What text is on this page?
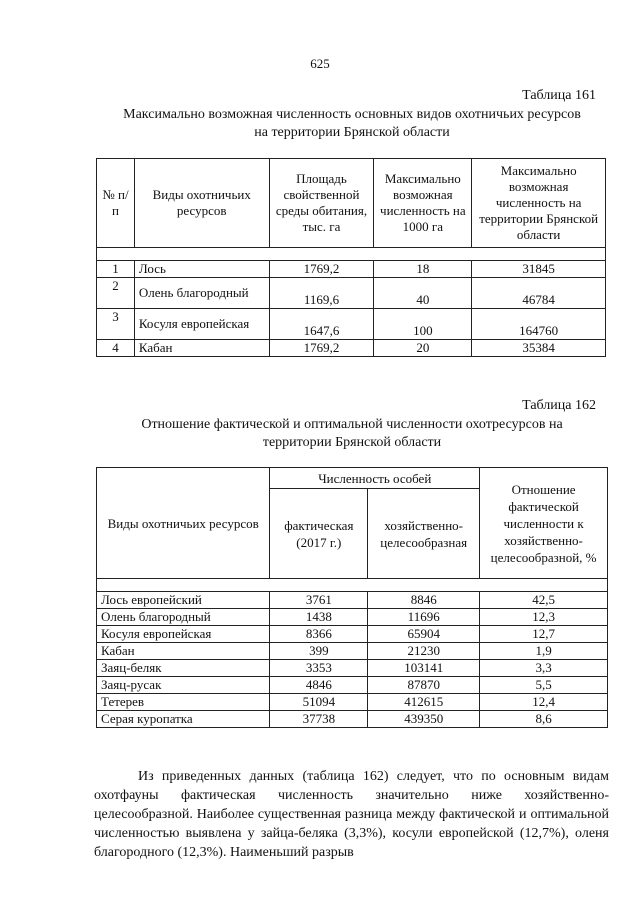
625
Таблица 161
Максимально возможная численность основных видов охотничьих ресурсов
на территории Брянской области
№ п/п	Виды охотничьих ресурсов	Площадь свойственной среды обитания, тыс. га	Максимально возможная численность на 1000 га	Максимально возможная численность на территории Брянской области

1	Лось	1769,2	18	31845
2	Олень благородный	1169,6	40	46784
3	Косуля европейская	1647,6	100	164760
4	Кабан	1769,2	20	35384
Таблица 162
Отношение фактической и оптимальной численности охотресурсов на
территории Брянской области
Виды охотничьих ресурсов	Численность особей		Отношение фактической численности к хозяйственно-целесообразной, %
	фактическая (2017 г.)	хозяйственно-целесообразная	

Лось европейский	3761	8846	42,5
Олень благородный	1438	11696	12,3
Косуля европейская	8366	65904	12,7
Кабан	399	21230	1,9
Заяц-беляк	3353	103141	3,3
Заяц-русак	4846	87870	5,5
Тетерев	51094	412615	12,4
Серая куропатка	37738	439350	8,6

Из приведенных данных (таблица 162) следует, что по основным видам охотфауны фактическая численность значительно ниже хозяйственно-целесообразной. Наиболее существенная разница между фактической и оптимальной численностью выявлена у зайца-беляка (3,3%), косули европейской (12,7%), оленя благородного (12,3%). Наименьший разрыв
